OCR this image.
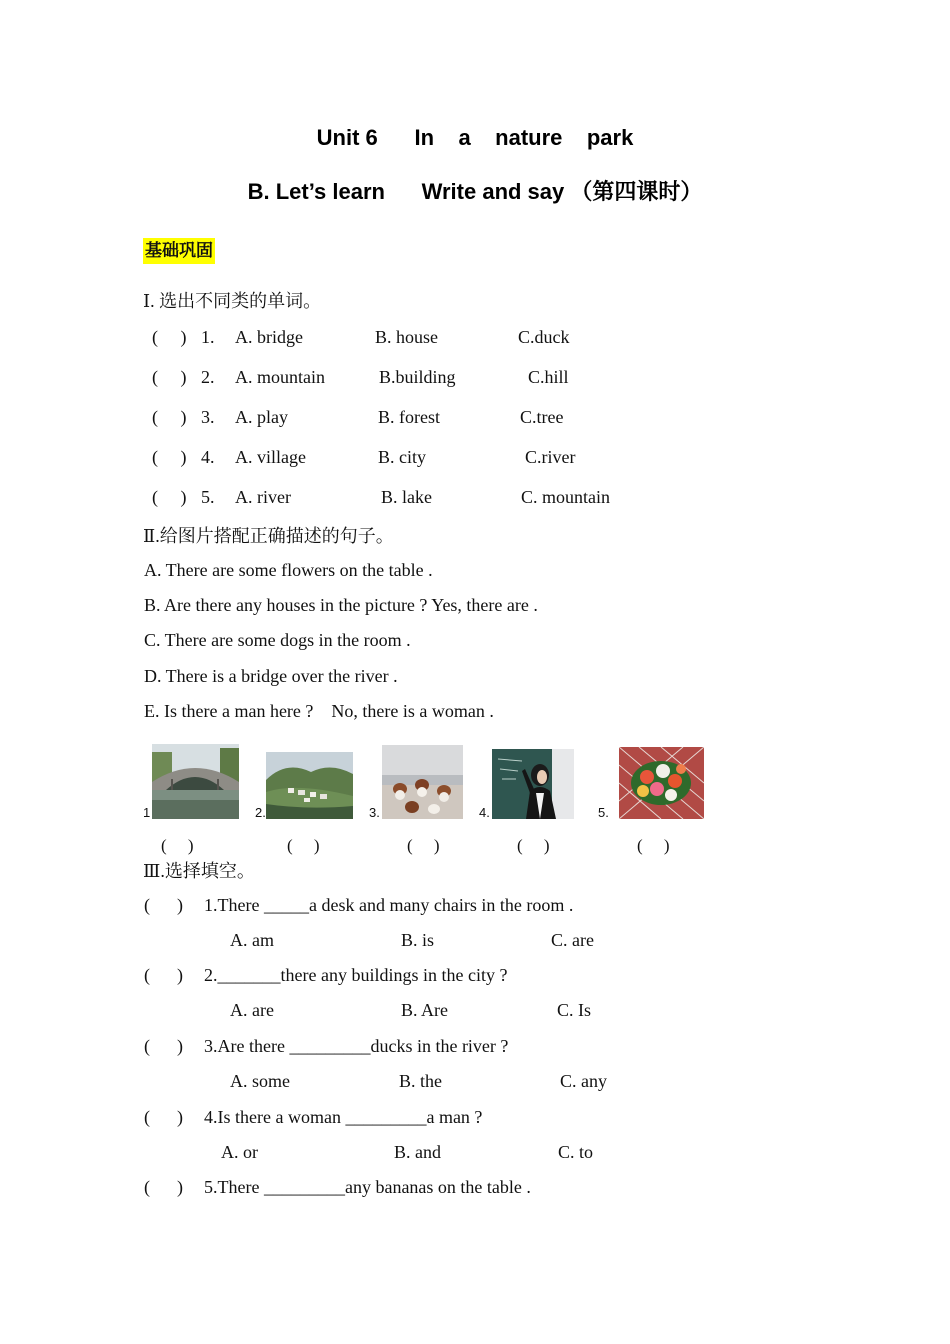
Unit 6      In    a    nature    park
B. Let’s learn      Write and say （第四课时）
基础巩固
Ⅰ. 选出不同类的单词。
(     ) 1. A. bridge	B. house	C.duck
(     ) 2. A. mountain	B.building	C.hill
(     ) 3. A. play	B. forest	C.tree
(     ) 4. A. village	B. city	C.river
(     ) 5. A. river	B. lake	C. mountain
Ⅱ.给图片搭配正确描述的句子。
A. There are some flowers on the table .
B. Are there any houses in the picture ? Yes, there are .
C. There are some dogs in the room .
D. There is a bridge over the river .
E. Is there a man here ?    No, there is a woman .
1	2.	3.	4.	5.
(     )	(     )	(     )	(     )	(     )
Ⅲ.选择填空。
(      ) 1.There _____a desk and many chairs in the room .
A. am	B. is	C. are
(      ) 2._______there any buildings in the city ?
A. are	B. Are	C. Is
(      ) 3.Are there _________ducks in the river ?
A. some	B. the	C. any
(      ) 4.Is there a woman _________a man ?
A. or	B. and	C. to
(      ) 5.There _________any bananas on the table .
